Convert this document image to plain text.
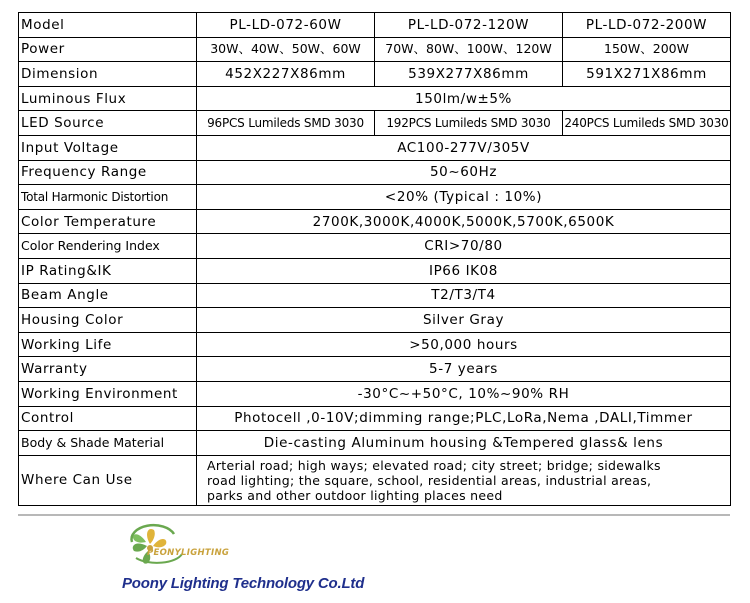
Model	PL-LD-072-60W	PL-LD-072-120W	PL-LD-072-200W
Power	30W、40W、50W、60W	70W、80W、100W、120W	150W、200W
Dimension	452X227X86mm	539X277X86mm	591X271X86mm
Luminous Flux	150lm/w±5%		
LED Source	96PCS Lumileds SMD 3030	192PCS Lumileds SMD 3030	240PCS Lumileds SMD 3030
Input Voltage	AC100-277V/305V		
Frequency Range	50~60Hz		
Total Harmonic Distortion	<20% (Typical : 10%)		
Color Temperature	2700K,3000K,4000K,5000K,5700K,6500K		
Color Rendering Index	CRI>70/80		
IP Rating&IK	IP66 IK08		
Beam Angle	T2/T3/T4		
Housing Color	Silver Gray		
Working Life	>50,000 hours		
Warranty	5-7 years		
Working Environment	-30°C~+50°C, 10%~90% RH		
Control	Photocell ,0-10V;dimming range;PLC,LoRa,Nema ,DALI,Timmer		
Body & Shade Material	Die-casting Aluminum housing &Tempered glass& lens		
Where Can Use	Arterial road; high ways; elevated road; city street; bridge; sidewalks
road lighting; the square, school, residential areas, industrial areas,
parks and other outdoor lighting places need		
PEONYLIGHTING
Poony Lighting Technology Co.Ltd
